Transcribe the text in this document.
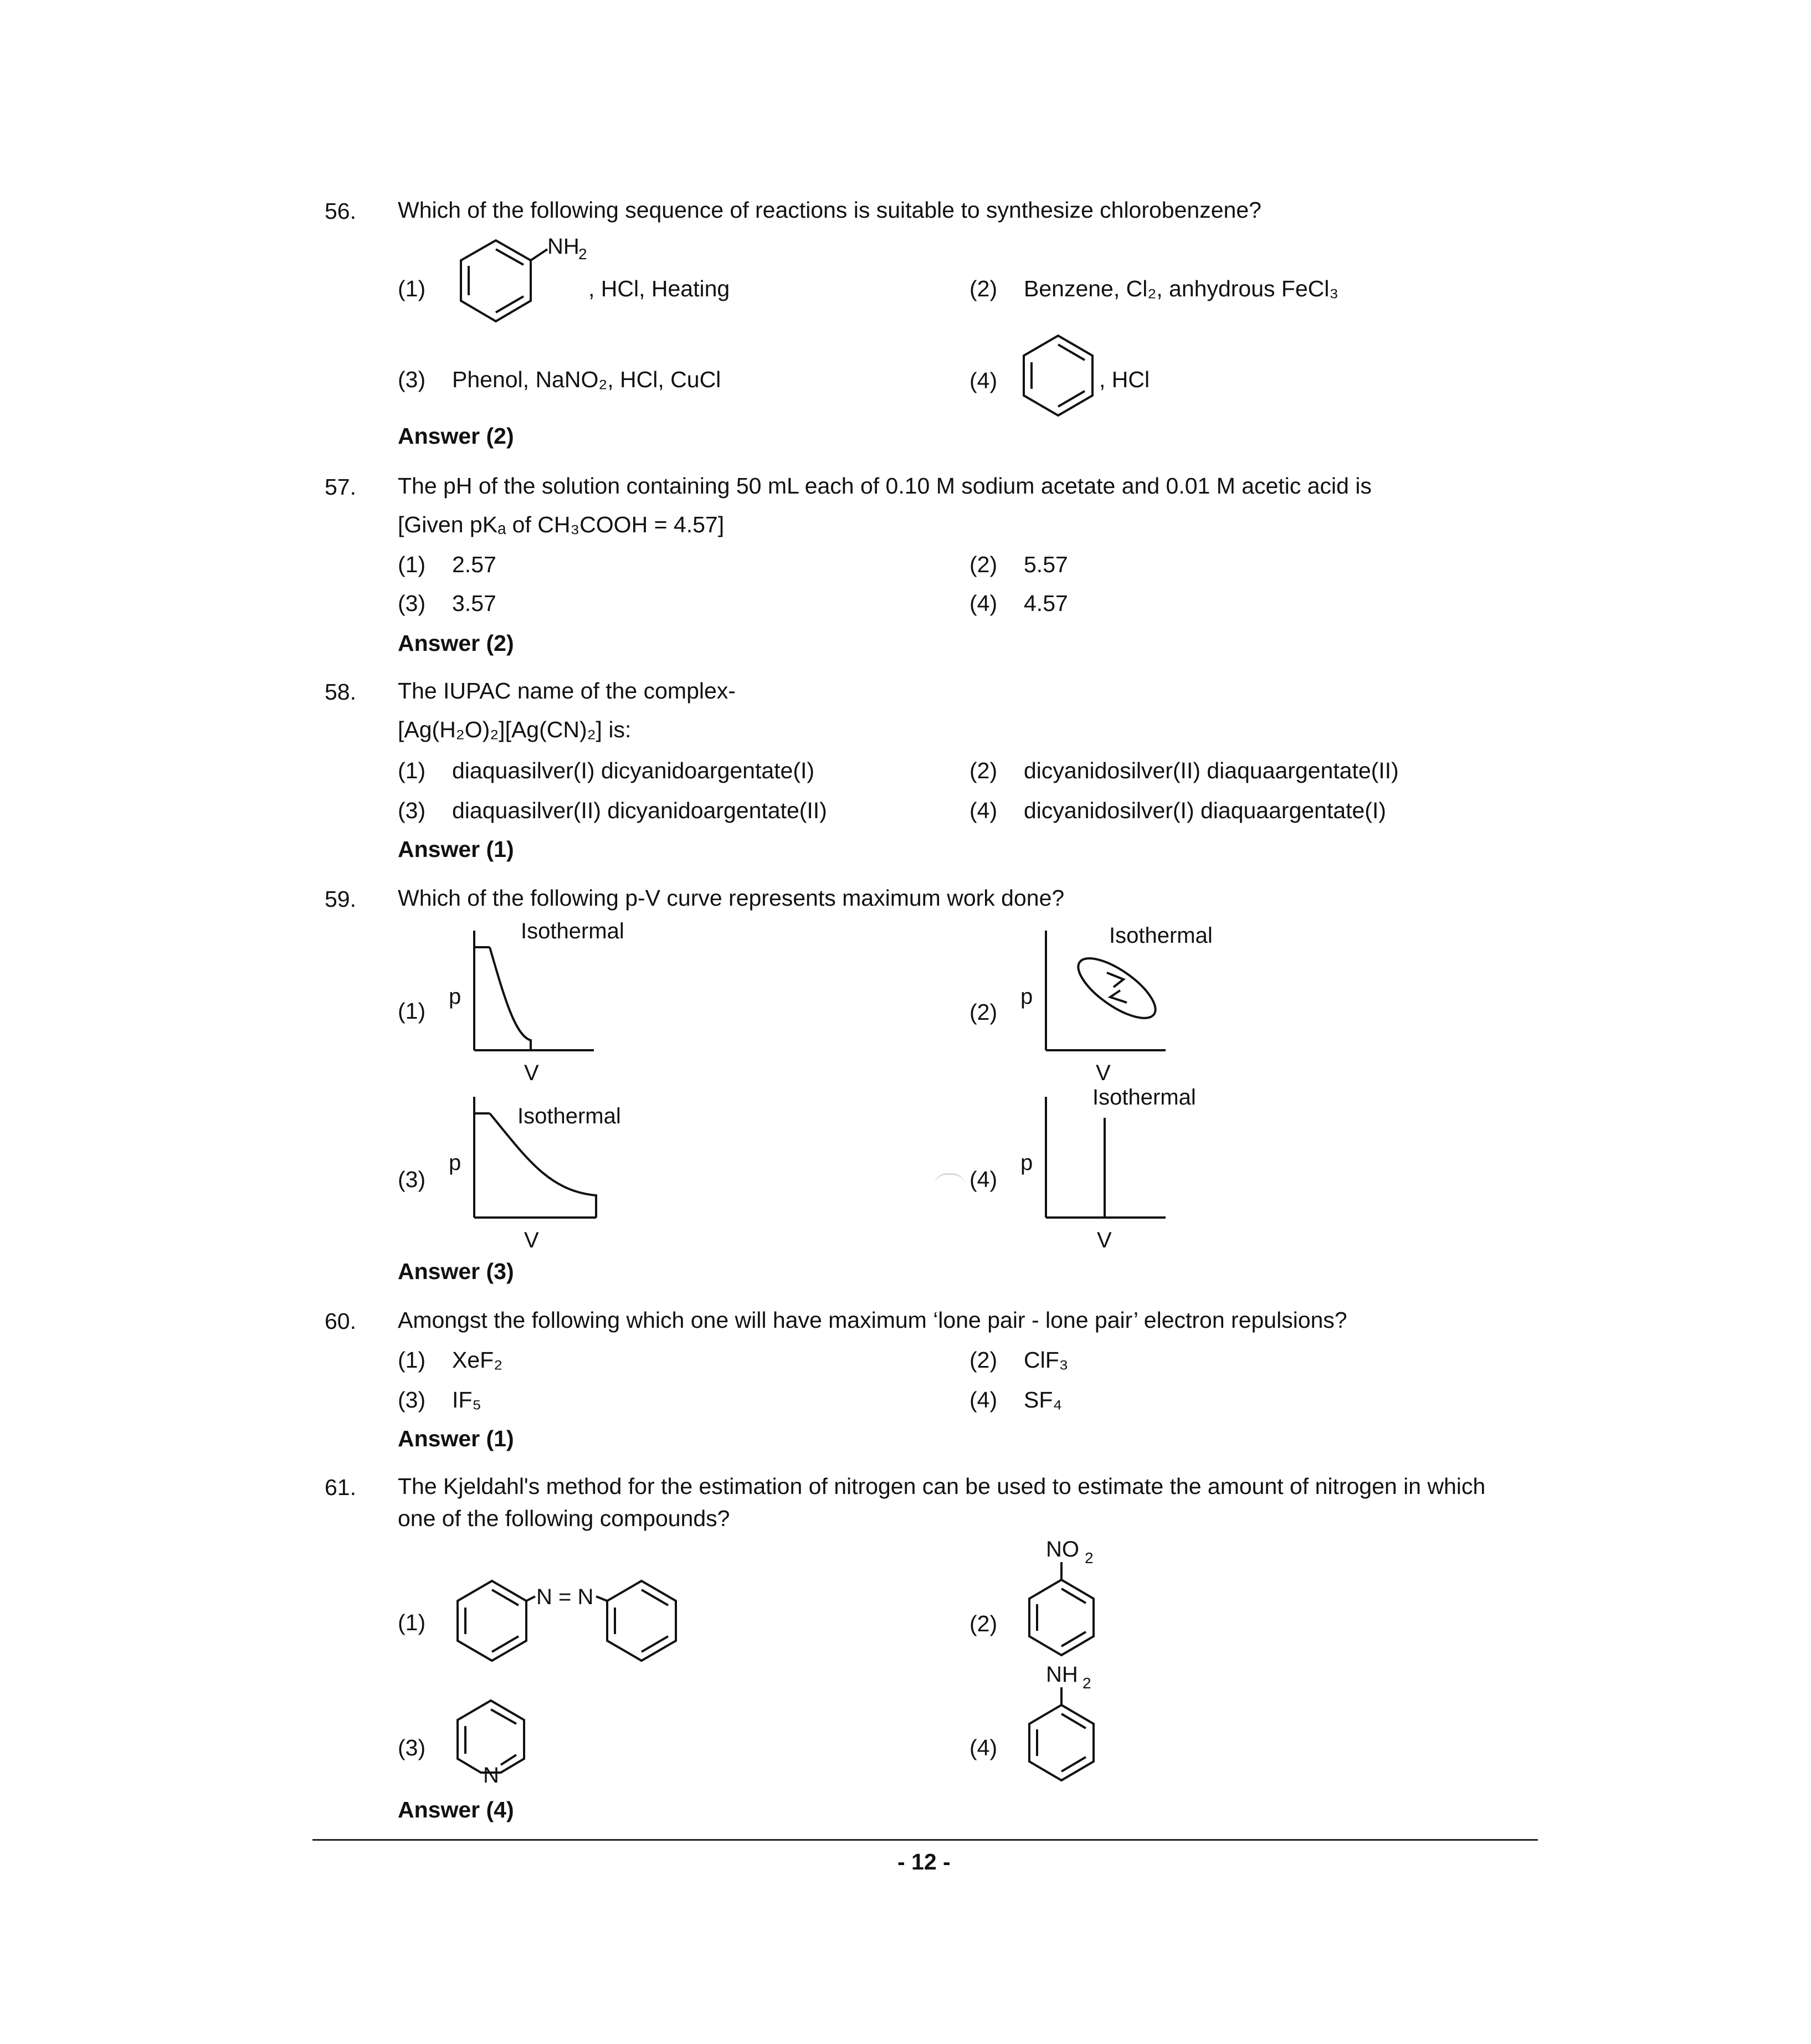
56. Which of the following sequence of reactions is suitable to synthesize chlorobenzene?
(1)
NH
2
, HCl, Heating	(2) Benzene, Cl₂, anhydrous FeCl₃
(3) Phenol, NaNO₂, HCl, CuCl	(4)	, HCl
Answer (2)
57. The pH of the solution containing 50 mL each of 0.10 M sodium acetate and 0.01 M acetic acid is
[Given pKₐ of CH₃COOH = 4.57]
(1) 2.57	(2) 5.57
(3) 3.57	(4) 4.57
Answer (2)
58. The IUPAC name of the complex-
[Ag(H₂O)₂][Ag(CN)₂] is:
(1) diaquasilver(I) dicyanidoargentate(I)	(2) dicyanidosilver(II) diaquaargentate(II)
(3) diaquasilver(II) dicyanidoargentate(II)	(4) dicyanidosilver(I) diaquaargentate(I)
Answer (1)
59. Which of the following p-V curve represents maximum work done?
(1)
Isothermal
p
V
(2)
Isothermal
p
V
(3)
Isothermal
p
V
(4)
Isothermal
p
V
Answer (3)
60. Amongst the following which one will have maximum ‘lone pair - lone pair’ electron repulsions?
(1) XeF₂	(2) ClF₃
(3) IF₅	(4) SF₄
Answer (1)
61. The Kjeldahl's method for the estimation of nitrogen can be used to estimate the amount of nitrogen in which
one of the following compounds?
(1)
N = N
(2)
NO 2
(3)
N
(4)
NH 2
Answer (4)
- 12 -
